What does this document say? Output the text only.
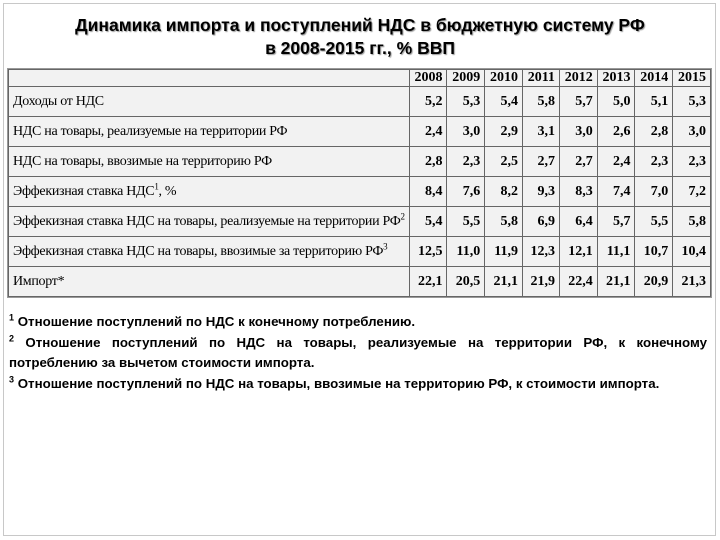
Динамика импорта и поступлений НДС в бюджетную систему РФ
в 2008-2015 гг., % ВВП
	2008	2009	2010	2011	2012	2013	2014	2015
Доходы от НДС	5,2	5,3	5,4	5,8	5,7	5,0	5,1	5,3
НДС на товары, реализуемые на территории РФ	2,4	3,0	2,9	3,1	3,0	2,6	2,8	3,0
НДС на товары, ввозимые на территорию РФ	2,8	2,3	2,5	2,7	2,7	2,4	2,3	2,3
Эффекизная ставка НДС$^1$, %	8,4	7,6	8,2	9,3	8,3	7,4	7,0	7,2
Эффекизная ставка НДС на товары, реализуемые на территории $РФ^2$	5,4	5,5	5,8	6,9	6,4	5,7	5,5	5,8
Эффекизная ставка НДС на товары, ввозимые за территорию $РФ^3$	12,5	11,0	11,9	12,3	12,1	11,1	10,7	10,4
Импорт*	22,1	20,5	21,1	21,9	22,4	21,1	20,9	21,3

$^1$ Отношение поступлений по НДС к конечному потреблению.

$^2$ Отношение поступлений по НДС на товары, реализуемые на территории РФ, к конечному потреблению за вычетом стоимости импорта.

$^3$ Отношение поступлений по НДС на товары, ввозимые на территорию РФ, к стоимости импорта.
